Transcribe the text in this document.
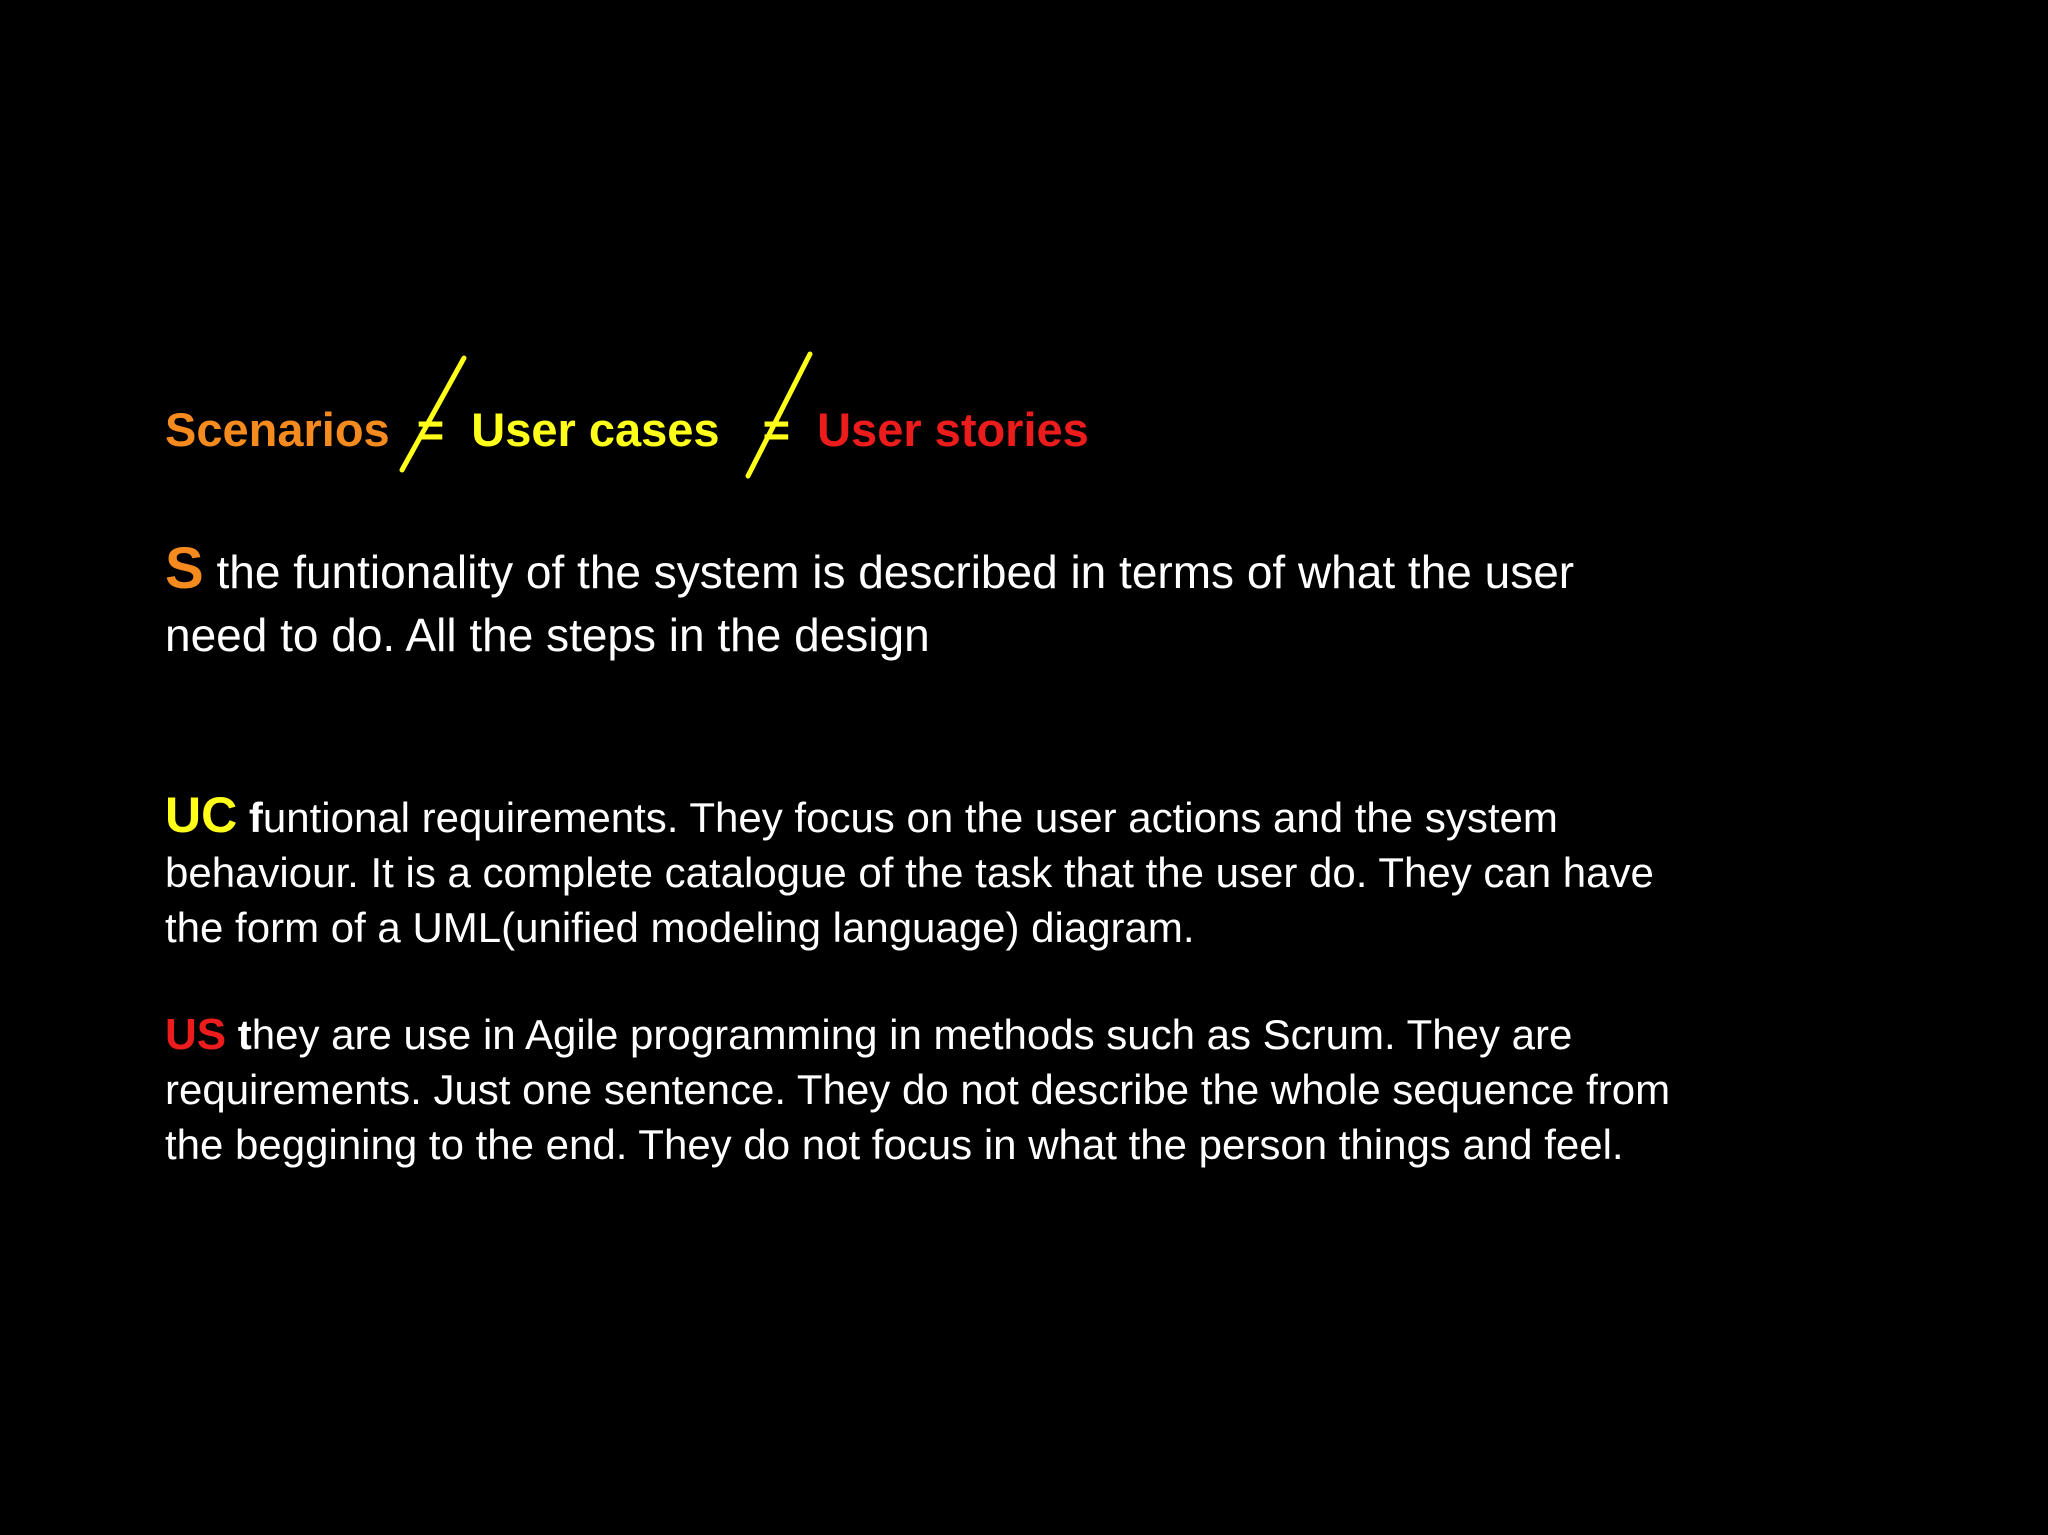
Scenarios = User cases = User stories
S the funtionality of the system is described in terms of what the user
need to do. All the steps in the design
UC funtional requirements. They focus on the user actions and the system
behaviour. It is a complete catalogue of the task that the user do. They can have
the form of a UML(unified modeling language) diagram.
US they are use in Agile programming in methods such as Scrum. They are
requirements. Just one sentence. They do not describe the whole sequence from
the beggining to the end. They do not focus in what the person things and feel.
